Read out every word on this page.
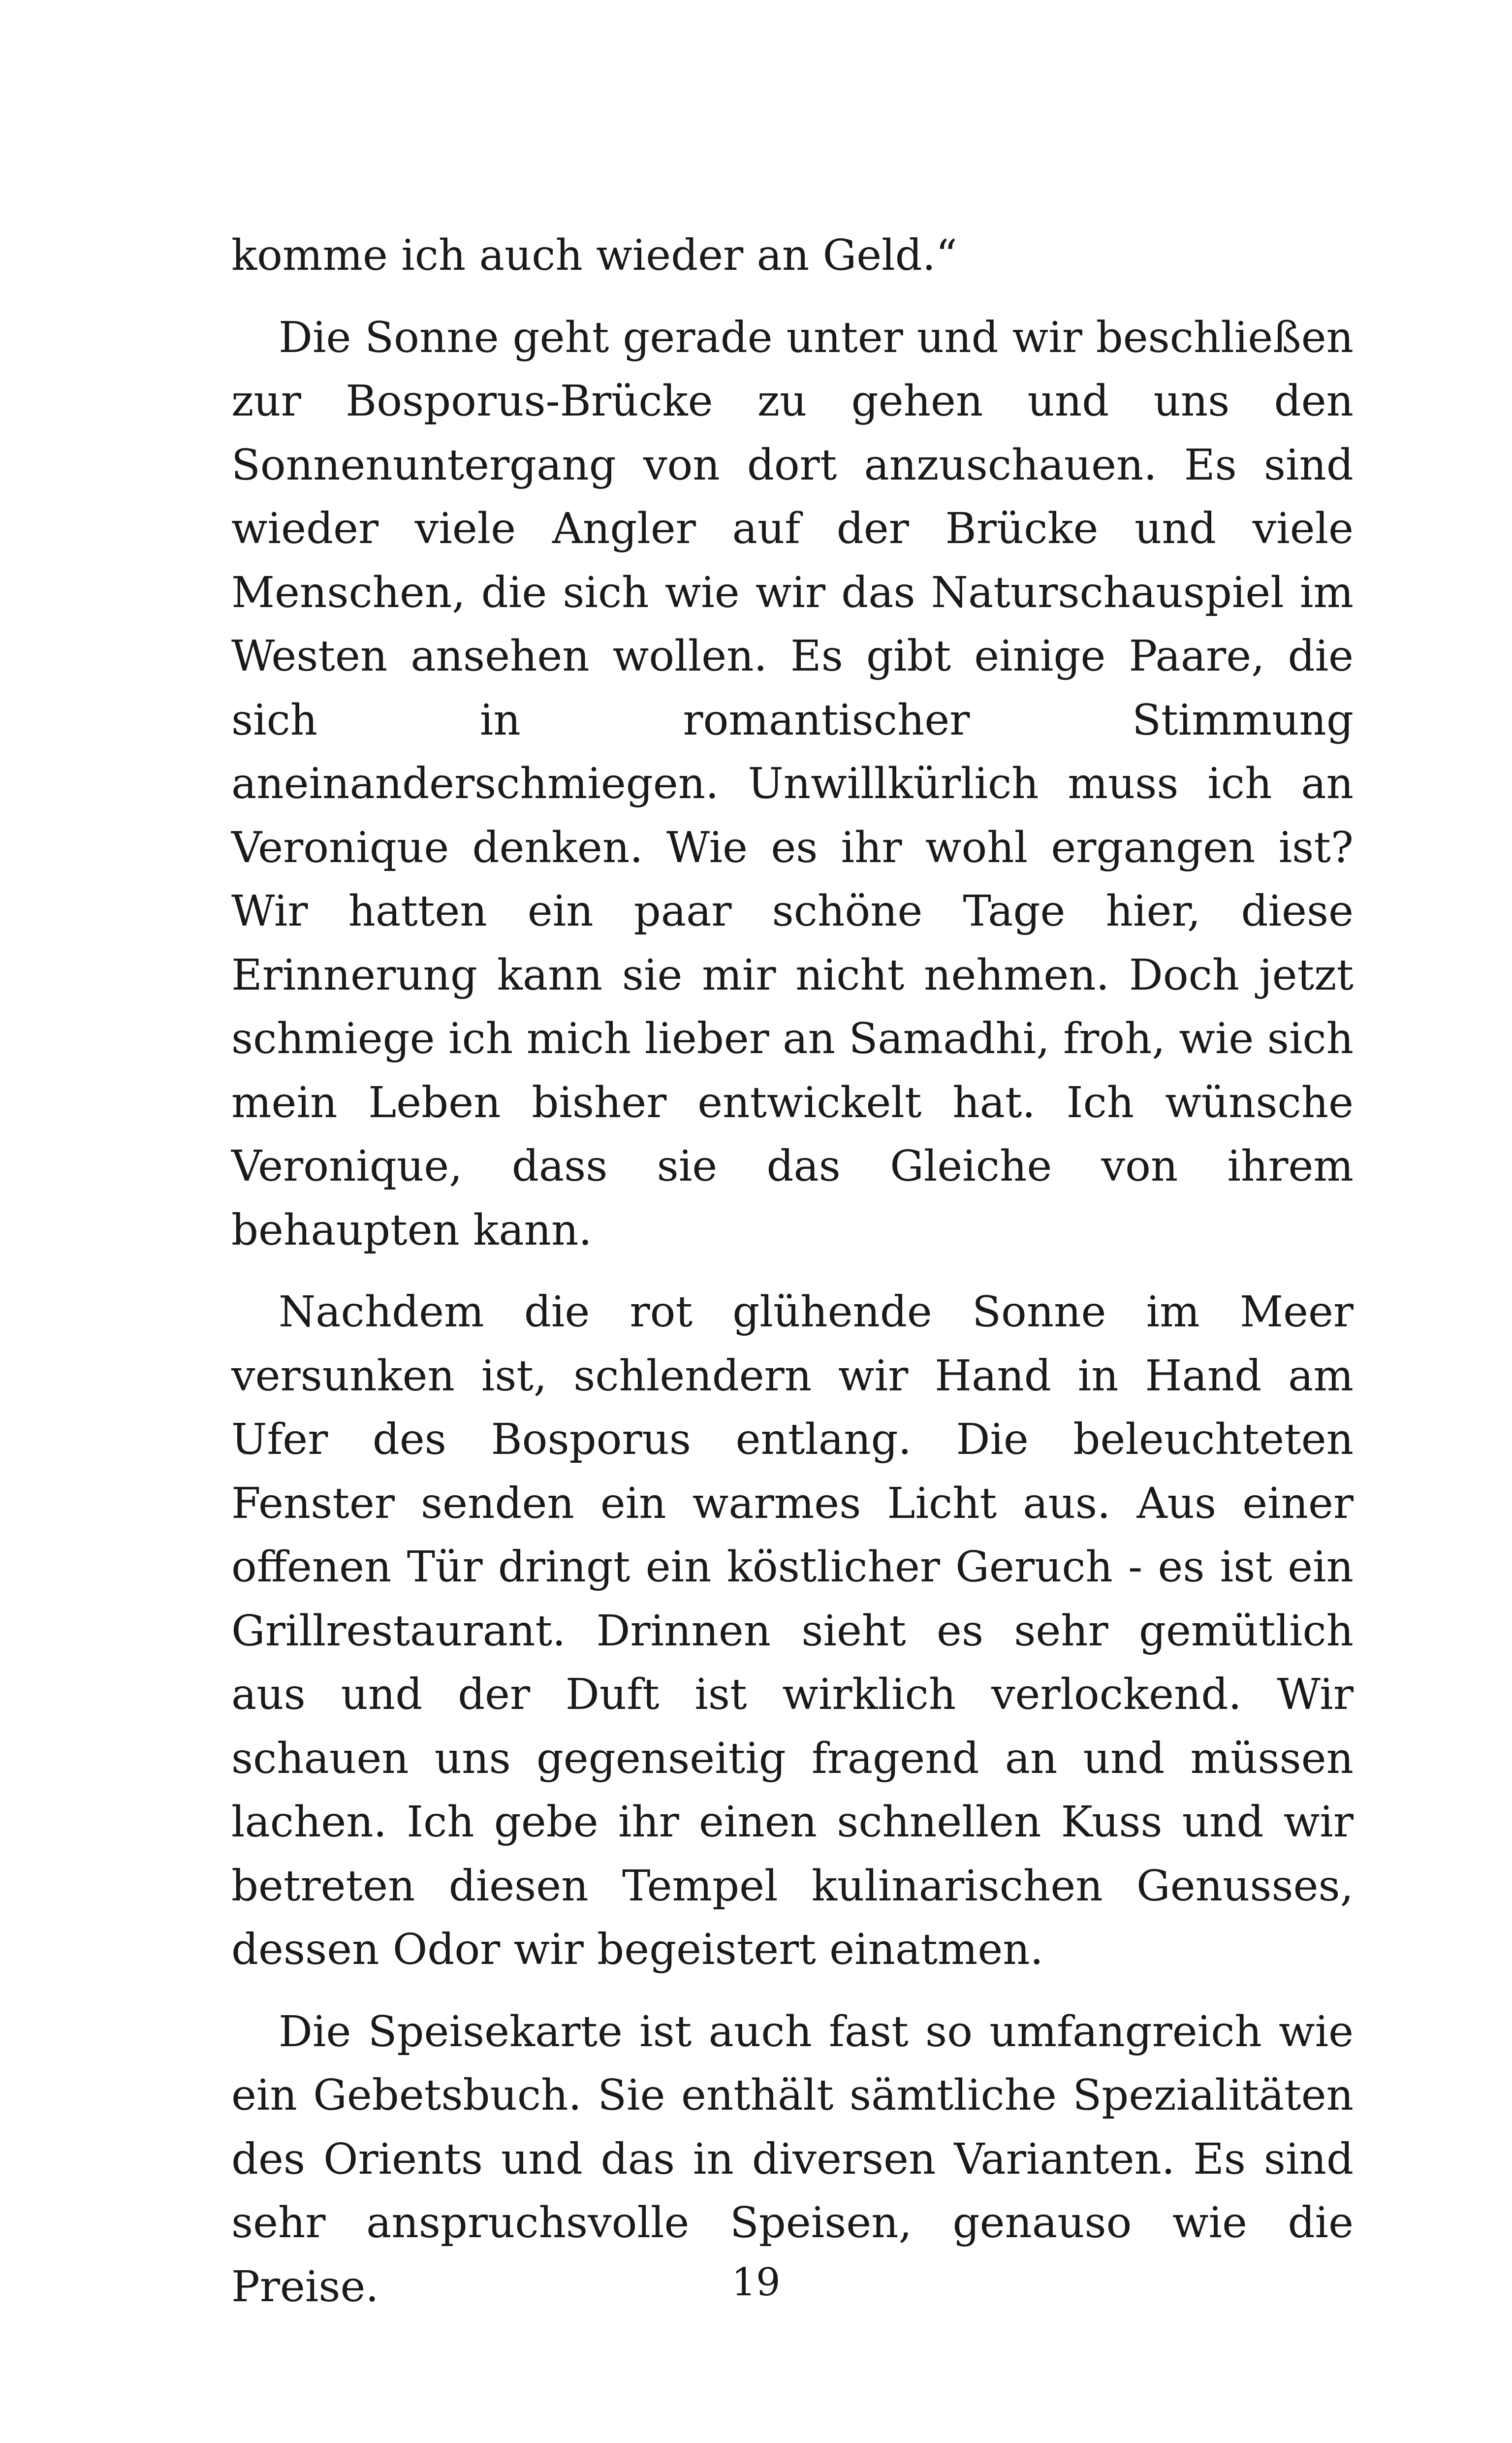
komme ich auch wieder an Geld.“

Die Sonne geht gerade unter und wir beschließen zur Bosporus-Brücke zu gehen und uns den Sonnenuntergang von dort anzuschauen. Es sind wieder viele Angler auf der Brücke und viele Menschen, die sich wie wir das Naturschauspiel im Westen ansehen wollen. Es gibt einige Paare, die sich in romantischer Stimmung aneinanderschmiegen. Unwillkürlich muss ich an Veronique denken. Wie es ihr wohl ergangen ist? Wir hatten ein paar schöne Tage hier, diese Erinnerung kann sie mir nicht nehmen. Doch jetzt schmiege ich mich lieber an Samadhi, froh, wie sich mein Leben bisher entwickelt hat. Ich wünsche Veronique, dass sie das Gleiche von ihrem behaupten kann.

Nachdem die rot glühende Sonne im Meer versunken ist, schlendern wir Hand in Hand am Ufer des Bosporus entlang. Die beleuchteten Fenster senden ein warmes Licht aus. Aus einer offenen Tür dringt ein köstlicher Geruch - es ist ein Grillrestaurant. Drinnen sieht es sehr gemütlich aus und der Duft ist wirklich verlockend. Wir schauen uns gegenseitig fragend an und müssen lachen. Ich gebe ihr einen schnellen Kuss und wir betreten diesen Tempel kulinarischen Genusses, dessen Odor wir begeistert einatmen.

Die Speisekarte ist auch fast so umfangreich wie ein Gebetsbuch. Sie enthält sämtliche Spezialitäten des Orients und das in diversen Varianten. Es sind sehr anspruchsvolle Speisen, genauso wie die Preise.	19
